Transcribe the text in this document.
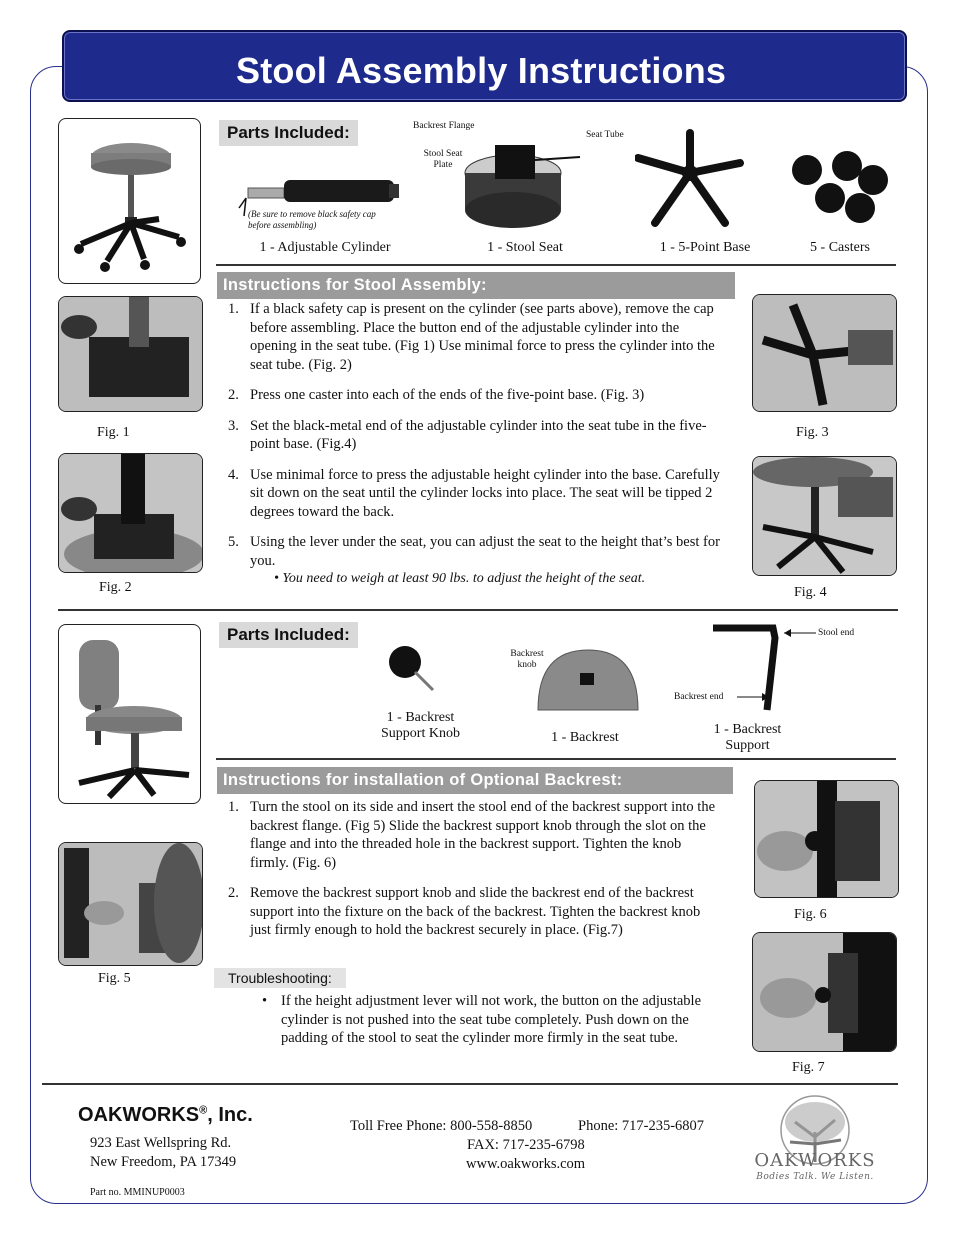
Stool Assembly Instructions
Parts Included:	Backrest Flange
Seat Tube
Stool Seat
Plate
(Be sure to remove black safety cap
before assembling)
1 - Adjustable Cylinder	1 - Stool Seat	1 - 5-Point Base	5 - Casters
Instructions for Stool Assembly:
Fig. 1
Fig. 2
Fig. 3
Fig. 4
1. If a black safety cap is present on the cylinder (see parts above), remove the cap before assembling. Place the button end of the adjustable cylinder into the opening in the seat tube. (Fig 1) Use minimal force to press the cylinder into the seat tube. (Fig. 2)
2. Press one caster into each of the ends of the five-point base. (Fig. 3)
3. Set the black-metal end of the adjustable cylinder into the seat tube in the five-point base. (Fig.4)
4. Use minimal force to press the adjustable height cylinder into the base. Carefully sit down on the seat until the cylinder locks into place. The seat will be tipped 2 degrees toward the back.
5. Using the lever under the seat, you can adjust the seat to the height that’s best for you.
• You need to weigh at least 90 lbs. to adjust the height of the seat.
Parts Included:
1 - Backrest
Support Knob
Backrest
knob
1 - Backrest
Stool end
Backrest end
1 - Backrest
Support
Instructions for installation of Optional Backrest:
Fig. 5
Fig. 6
Fig. 7
1. Turn the stool on its side and insert the stool end of the backrest support into the backrest flange. (Fig 5) Slide the backrest support knob through the slot on the flange and into the threaded hole in the backrest support. Tighten the knob firmly. (Fig. 6)
2. Remove the backrest support knob and slide the backrest end of the backrest support into the fixture on the back of the backrest. Tighten the backrest knob just firmly enough to hold the backrest securely in place. (Fig.7)
Troubleshooting:
• If the height adjustment lever will not work, the button on the adjustable cylinder is not pushed into the seat tube completely. Push down on the padding of the stool to seat the cylinder more firmly in the seat tube.
OAKWORKS®, Inc.
923 East Wellspring Rd.
New Freedom, PA 17349
Part no. MMINUP0003
Toll Free Phone: 800-558-8850	Phone: 717-235-6807
FAX: 717-235-6798
www.oakworks.com	OAKWORKS
Bodies Talk. We Listen.
